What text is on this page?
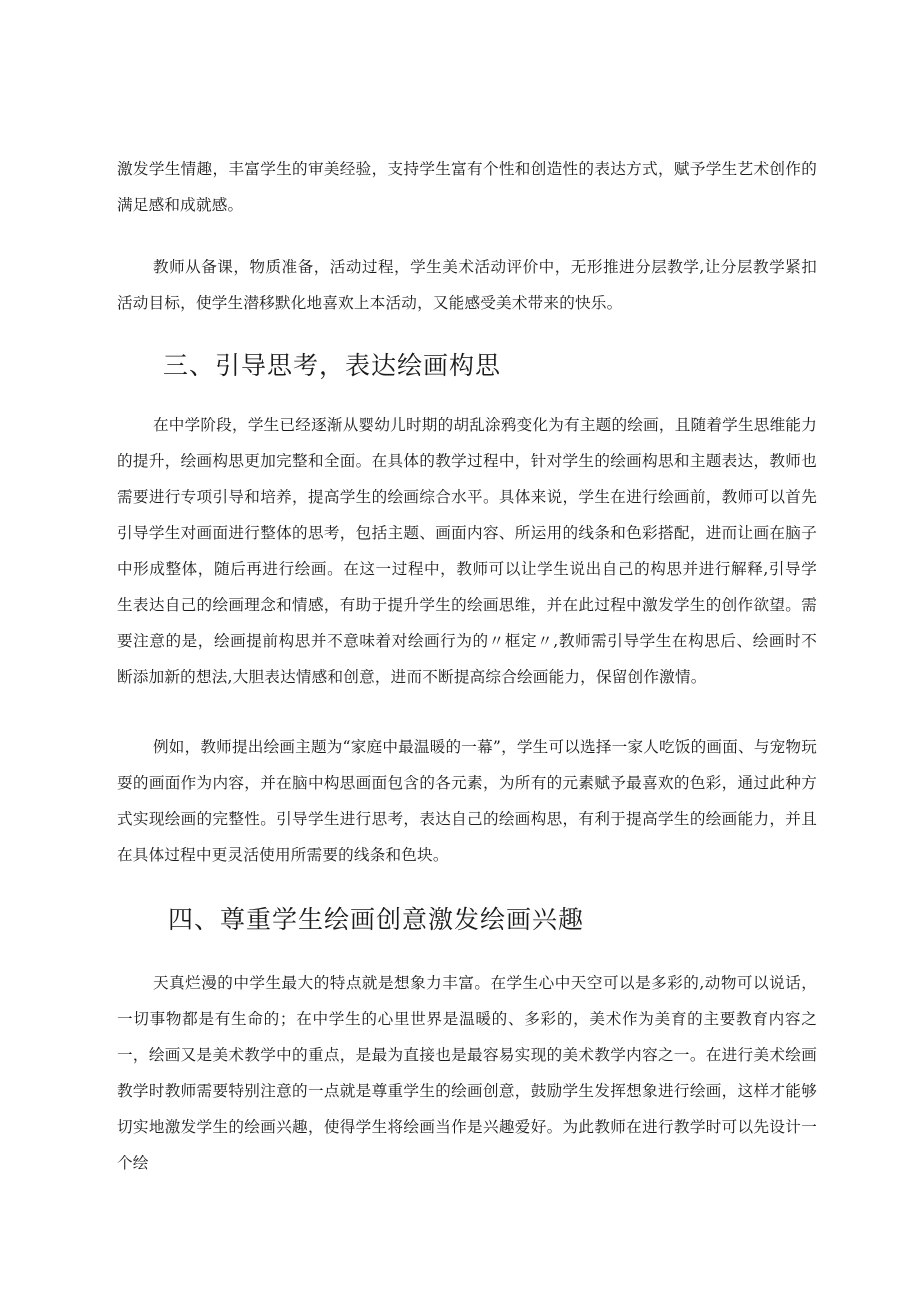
激发学生情趣，丰富学生的审美经验，支持学生富有个性和创造性的表达方式，赋予学生艺术创作的满足感和成就感。

教师从备课，物质准备，活动过程，学生美术活动评价中，无形推进分层教学,让分层教学紧扣活动目标，使学生潜移默化地喜欢上本活动，又能感受美术带来的快乐。

三、引导思考，表达绘画构思

在中学阶段，学生已经逐渐从婴幼儿时期的胡乱涂鸦变化为有主题的绘画，且随着学生思维能力的提升，绘画构思更加完整和全面。在具体的教学过程中，针对学生的绘画构思和主题表达，教师也需要进行专项引导和培养，提高学生的绘画综合水平。具体来说，学生在进行绘画前，教师可以首先引导学生对画面进行整体的思考，包括主题、画面内容、所运用的线条和色彩搭配，进而让画在脑子中形成整体，随后再进行绘画。在这一过程中，教师可以让学生说出自己的构思并进行解释,引导学生表达自己的绘画理念和情感，有助于提升学生的绘画思维，并在此过程中激发学生的创作欲望。需要注意的是，绘画提前构思并不意味着对绘画行为的〃框定〃,教师需引导学生在构思后、绘画时不断添加新的想法,大胆表达情感和创意，进而不断提高综合绘画能力，保留创作激情。

例如，教师提出绘画主题为“家庭中最温暖的一幕”，学生可以选择一家人吃饭的画面、与宠物玩耍的画面作为内容，并在脑中构思画面包含的各元素，为所有的元素赋予最喜欢的色彩，通过此种方式实现绘画的完整性。引导学生进行思考，表达自己的绘画构思，有利于提高学生的绘画能力，并且在具体过程中更灵活使用所需要的线条和色块。

四、尊重学生绘画创意激发绘画兴趣

天真烂漫的中学生最大的特点就是想象力丰富。在学生心中天空可以是多彩的,动物可以说话，一切事物都是有生命的；在中学生的心里世界是温暖的、多彩的，美术作为美育的主要教育内容之一，绘画又是美术教学中的重点，是最为直接也是最容易实现的美术教学内容之一。在进行美术绘画教学时教师需要特别注意的一点就是尊重学生的绘画创意，鼓励学生发挥想象进行绘画，这样才能够切实地激发学生的绘画兴趣，使得学生将绘画当作是兴趣爱好。为此教师在进行教学时可以先设计一个绘
